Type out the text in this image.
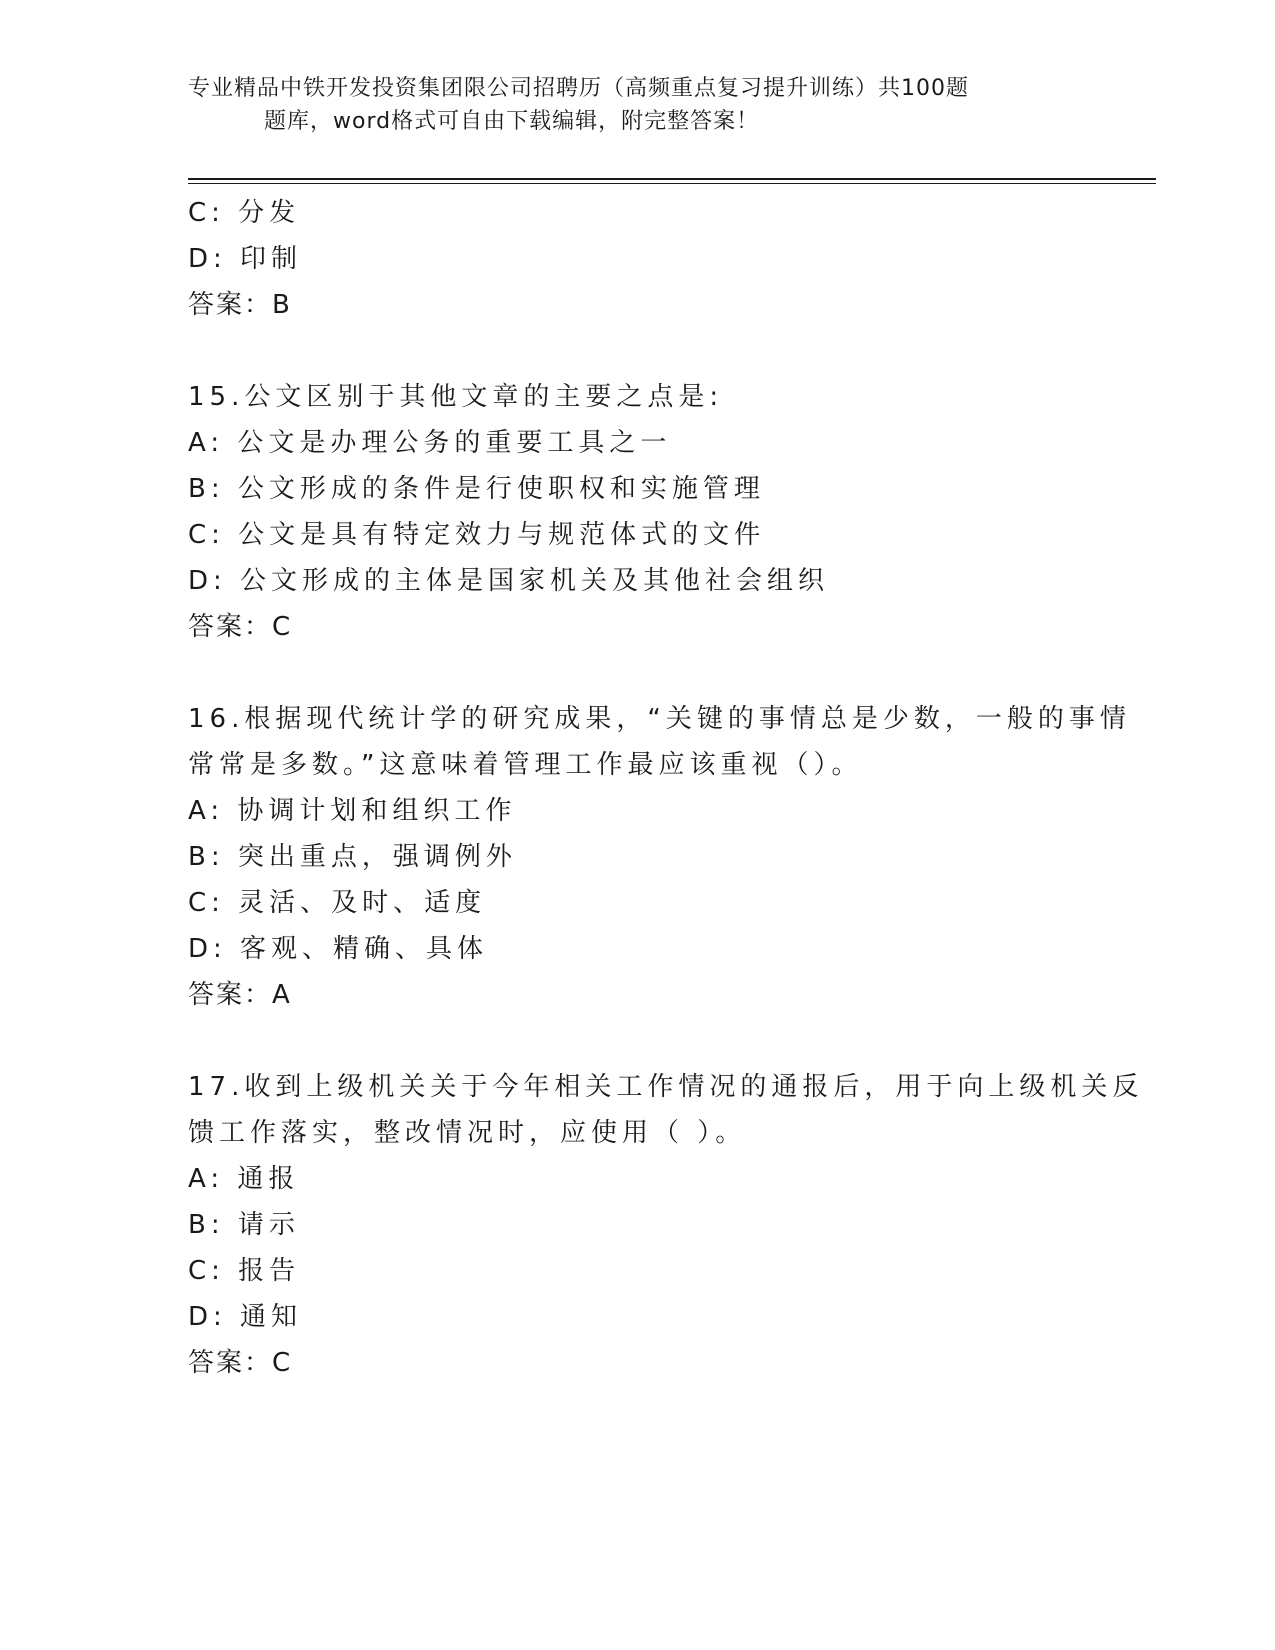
专业精品中铁开发投资集团限公司招聘历（高频重点复习提升训练）共100题
题库，word格式可自由下载编辑，附完整答案！
C: 分发
D: 印制
答案：B
15.公文区别于其他文章的主要之点是:
A: 公文是办理公务的重要工具之一
B: 公文形成的条件是行使职权和实施管理
C: 公文是具有特定效力与规范体式的文件
D: 公文形成的主体是国家机关及其他社会组织
答案：C
16.根据现代统计学的研究成果，“关键的事情总是少数，一般的事情
常常是多数。”这意味着管理工作最应该重视（）。
A: 协调计划和组织工作
B: 突出重点，强调例外
C: 灵活、及时、适度
D: 客观、精确、具体
答案：A
17.收到上级机关关于今年相关工作情况的通报后，用于向上级机关反
馈工作落实，整改情况时，应使用（ ）。
A: 通报
B: 请示
C: 报告
D: 通知
答案：C
